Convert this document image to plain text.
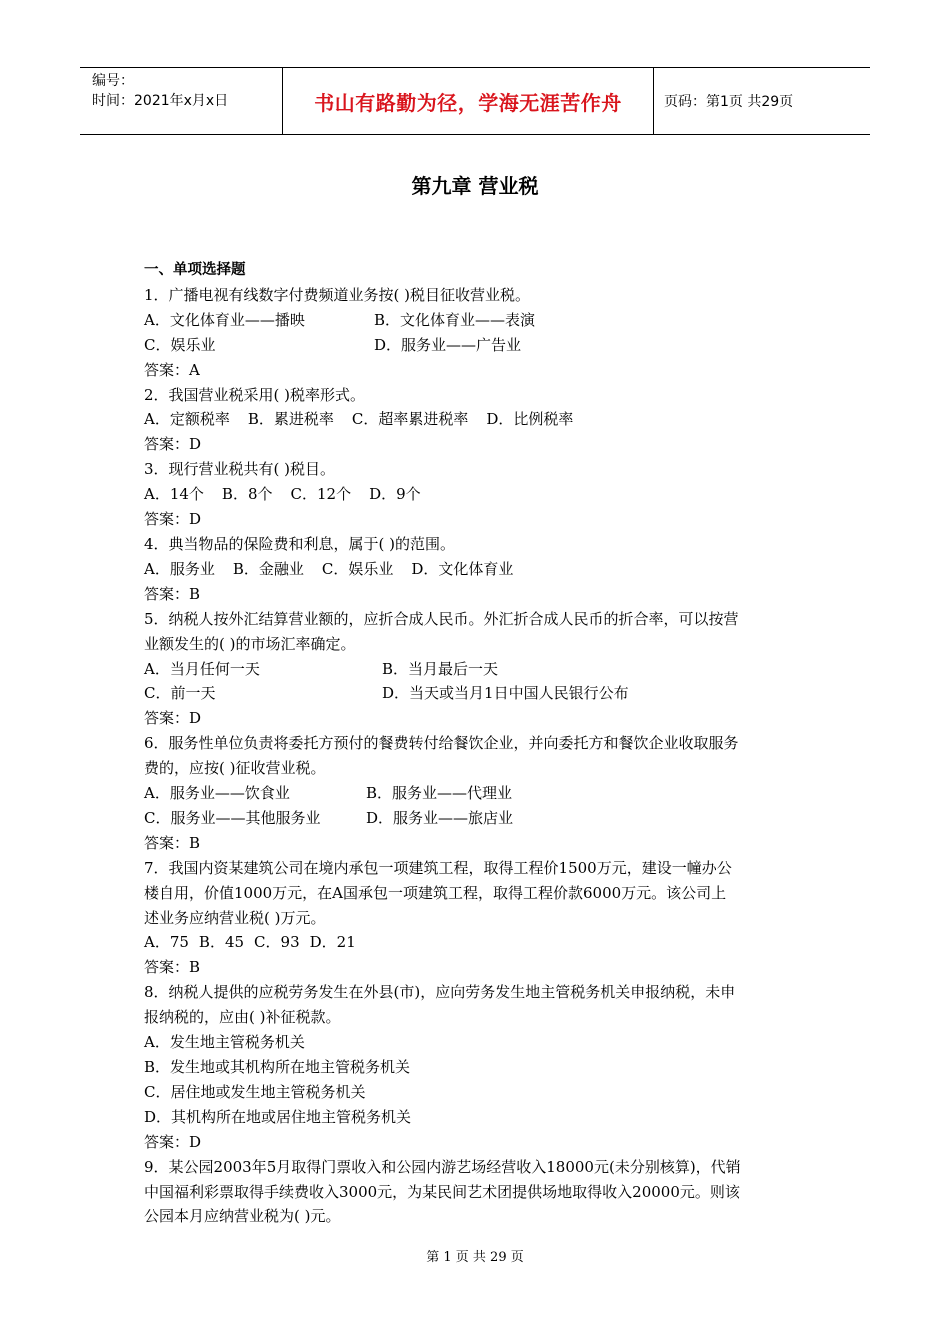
编号：
时间：2021年x月x日	书山有路勤为径，学海无涯苦作舟	页码：第1页 共29页
第九章 营业税

一、单项选择题

1．广播电视有线数字付费频道业务按( )税目征收营业税。

A．文化体育业——播映	B．文化体育业——表演
C．娱乐业	D．服务业——广告业

答案：A

2．我国营业税采用( )税率形式。

A．定额税率 B．累进税率 C．超率累进税率 D．比例税率

答案：D

3．现行营业税共有( )税目。

A．14个 B．8个 C．12个 D．9个

答案：D

4．典当物品的保险费和利息，属于( )的范围。

A．服务业 B．金融业 C．娱乐业 D．文化体育业

答案：B

5．纳税人按外汇结算营业额的，应折合成人民币。外汇折合成人民币的折合率，可以按营

业额发生的( )的市场汇率确定。

A．当月任何一天	B．当月最后一天
C．前一天	D．当天或当月1日中国人民银行公布

答案：D

6．服务性单位负责将委托方预付的餐费转付给餐饮企业，并向委托方和餐饮企业收取服务

费的，应按( )征收营业税。

A．服务业——饮食业	B．服务业——代理业
C．服务业——其他服务业	D．服务业——旅店业

答案：B

7．我国内资某建筑公司在境内承包一项建筑工程，取得工程价1500万元，建设一幢办公

楼自用，价值1000万元，在A国承包一项建筑工程，取得工程价款6000万元。该公司上

述业务应纳营业税( )万元。

A．75 B．45 C．93 D．21

答案：B

8．纳税人提供的应税劳务发生在外县(市)，应向劳务发生地主管税务机关申报纳税，未申

报纳税的，应由( )补征税款。

A．发生地主管税务机关
B．发生地或其机构所在地主管税务机关
C．居住地或发生地主管税务机关
D．其机构所在地或居住地主管税务机关

答案：D

9．某公园2003年5月取得门票收入和公园内游艺场经营收入18000元(未分别核算)，代销

中国福利彩票取得手续费收入3000元，为某民间艺术团提供场地取得收入20000元。则该

公园本月应纳营业税为( )元。

第 1 页 共 29 页
